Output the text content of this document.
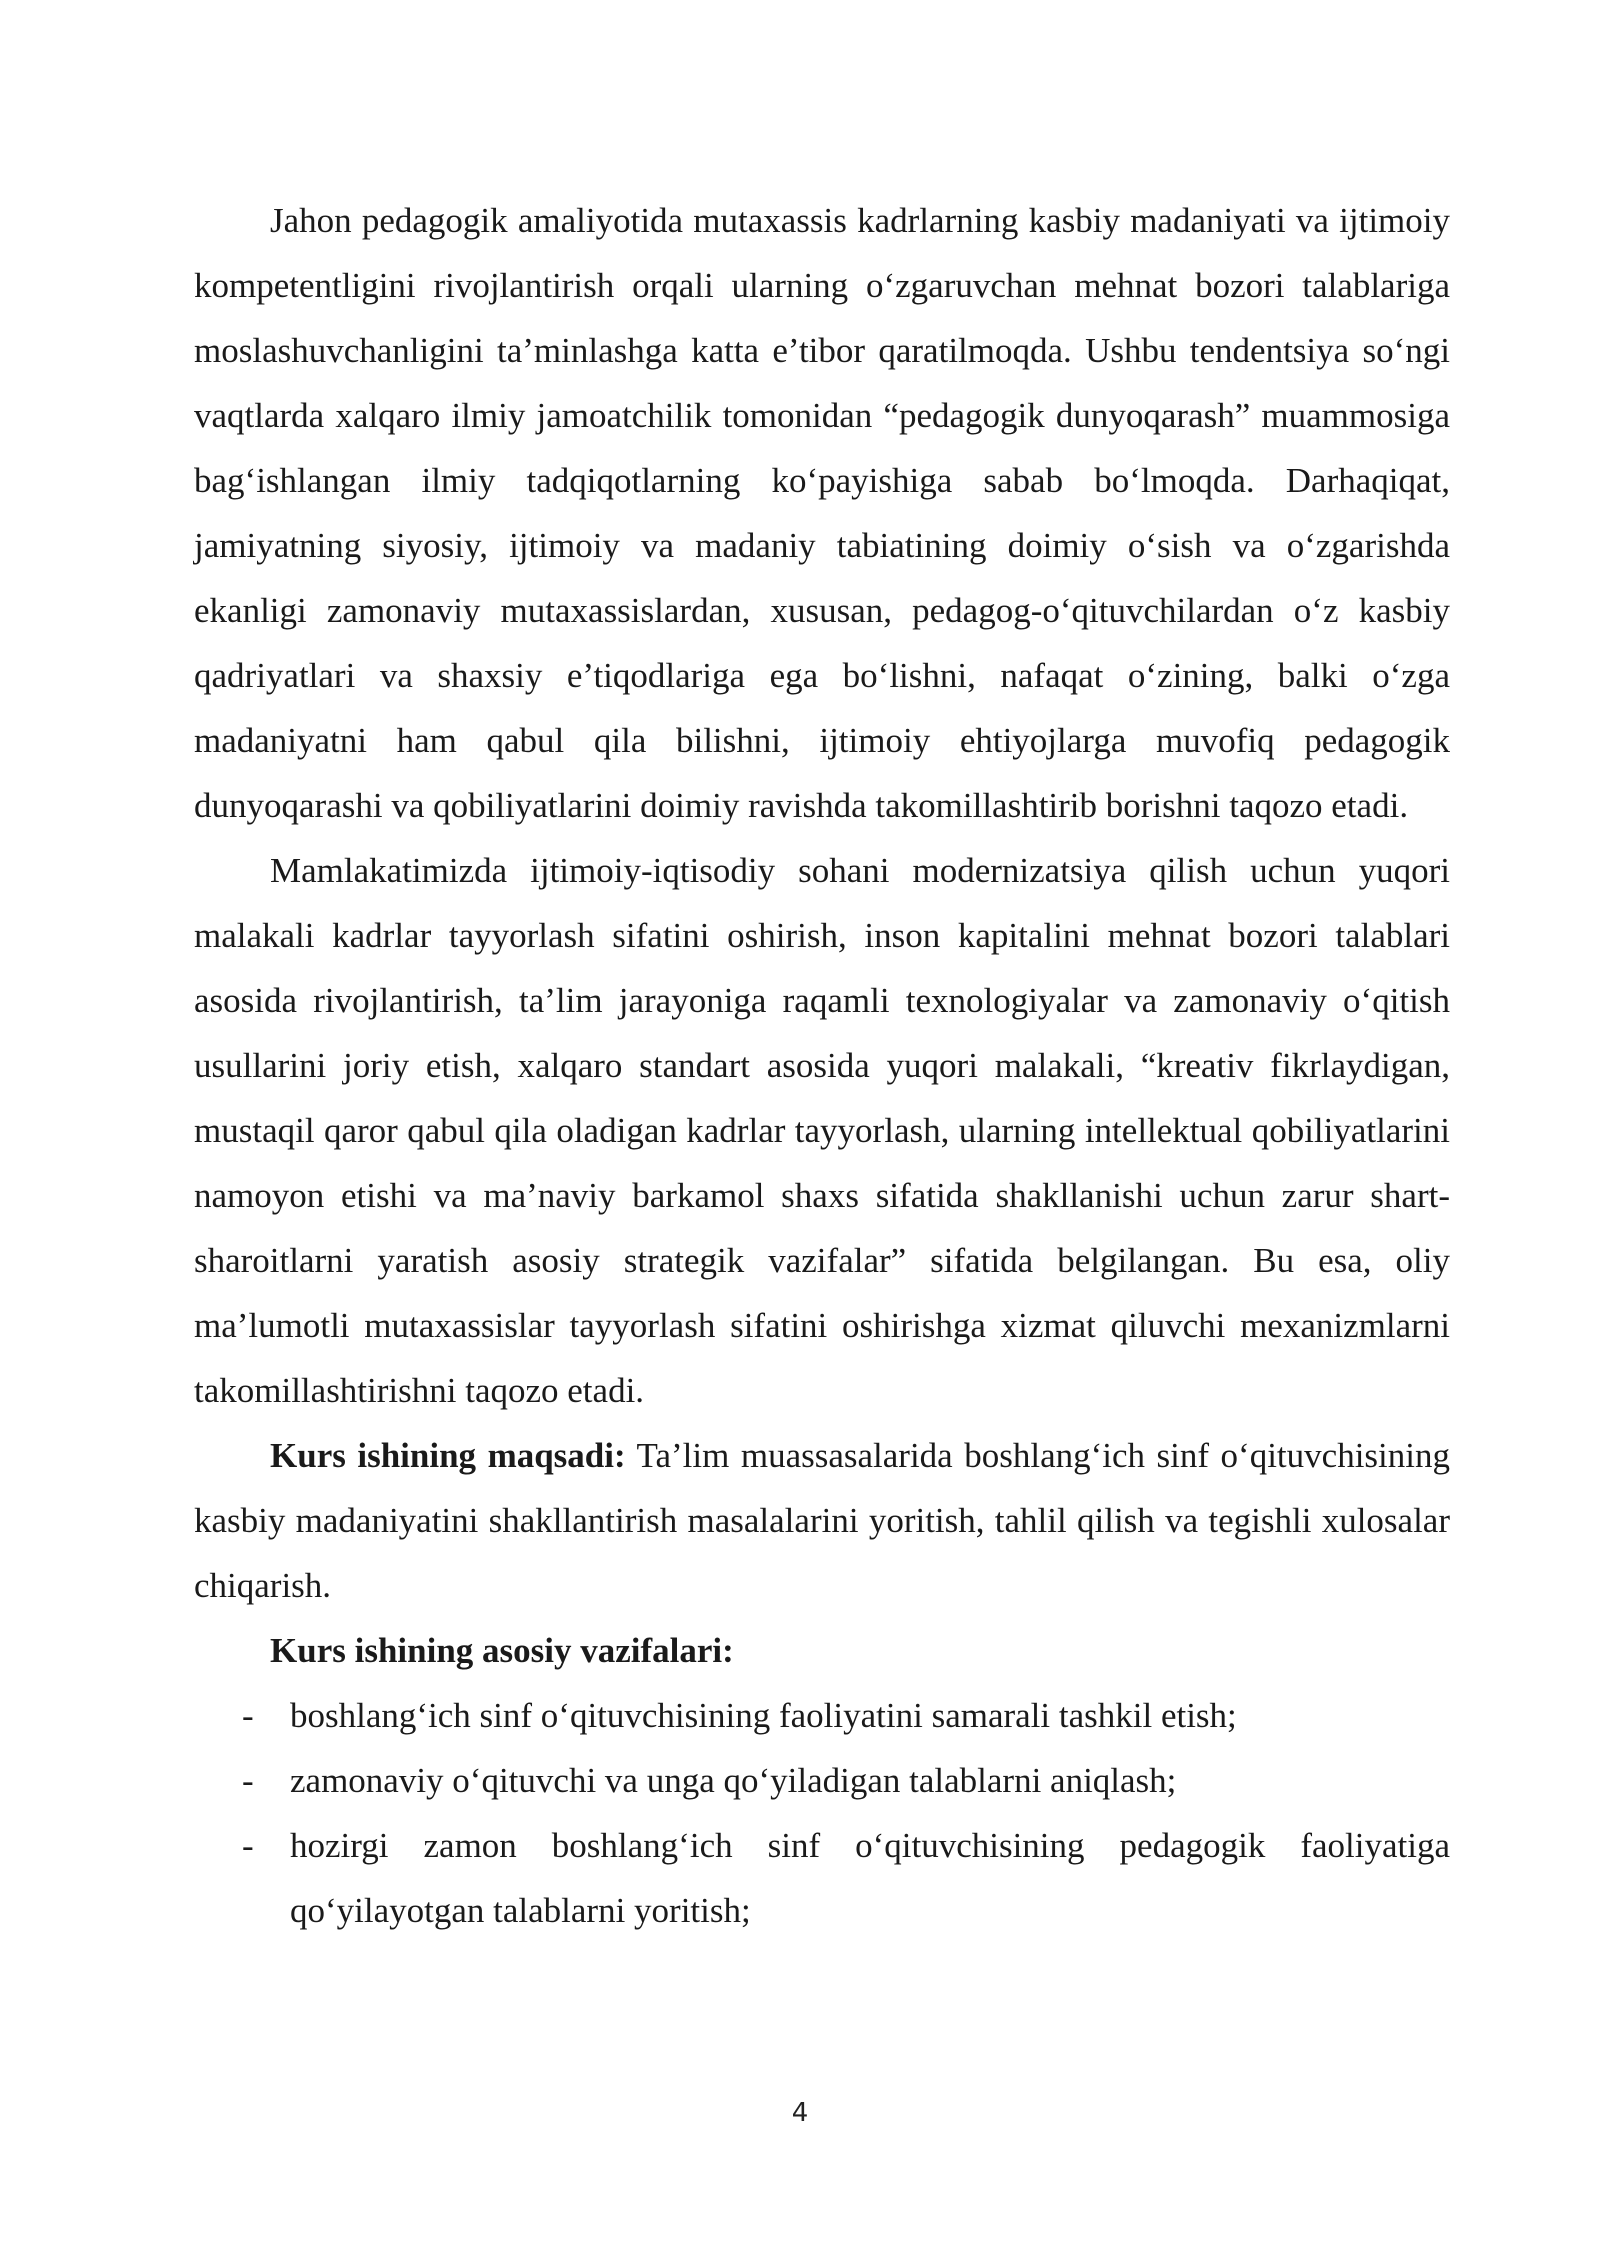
Jahon pedagogik amaliyotida mutaxassis kadrlarning kasbiy madaniyati va ijtimoiy kompetentligini rivojlantirish orqali ularning o‘zgaruvchan mehnat bozori talablariga moslashuvchanligini ta’minlashga katta e’tibor qaratilmoqda. Ushbu tendentsiya so‘ngi vaqtlarda xalqaro ilmiy jamoatchilik tomonidan “pedagogik dunyoqarash” muammosiga bag‘ishlangan ilmiy tadqiqotlarning ko‘payishiga sabab bo‘lmoqda. Darhaqiqat, jamiyatning siyosiy, ijtimoiy va madaniy tabiatining doimiy o‘sish va o‘zgarishda ekanligi zamonaviy mutaxassislardan, xususan, pedagog-o‘qituvchilardan o‘z kasbiy qadriyatlari va shaxsiy e’tiqodlariga ega bo‘lishni, nafaqat o‘zining, balki o‘zga madaniyatni ham qabul qila bilishni, ijtimoiy ehtiyojlarga muvofiq pedagogik dunyoqarashi va qobiliyatlarini doimiy ravishda takomillashtirib borishni taqozo etadi.

Mamlakatimizda ijtimoiy-iqtisodiy sohani modernizatsiya qilish uchun yuqori malakali kadrlar tayyorlash sifatini oshirish, inson kapitalini mehnat bozori talablari asosida rivojlantirish, ta’lim jarayoniga raqamli texnologiyalar va zamonaviy o‘qitish usullarini joriy etish, xalqaro standart asosida yuqori malakali, “kreativ fikrlaydigan, mustaqil qaror qabul qila oladigan kadrlar tayyorlash, ularning intellektual qobiliyatlarini namoyon etishi va ma’naviy barkamol shaxs sifatida shakllanishi uchun zarur shart-sharoitlarni yaratish asosiy strategik vazifalar” sifatida belgilangan. Bu esa, oliy ma’lumotli mutaxassislar tayyorlash sifatini oshirishga xizmat qiluvchi mexanizmlarni takomillashtirishni taqozo etadi.

Kurs ishining maqsadi: Ta’lim muassasalarida boshlang‘ich sinf o‘qituvchisining kasbiy madaniyatini shakllantirish masalalarini yoritish, tahlil qilish va tegishli xulosalar chiqarish.

Kurs ishining asosiy vazifalari:

- boshlang‘ich sinf o‘qituvchisining faoliyatini samarali tashkil etish;
- zamonaviy o‘qituvchi va unga qo‘yiladigan talablarni aniqlash;
- hozirgi zamon boshlang‘ich sinf o‘qituvchisining pedagogik faoliyatiga qo‘yilayotgan talablarni yoritish;
4
